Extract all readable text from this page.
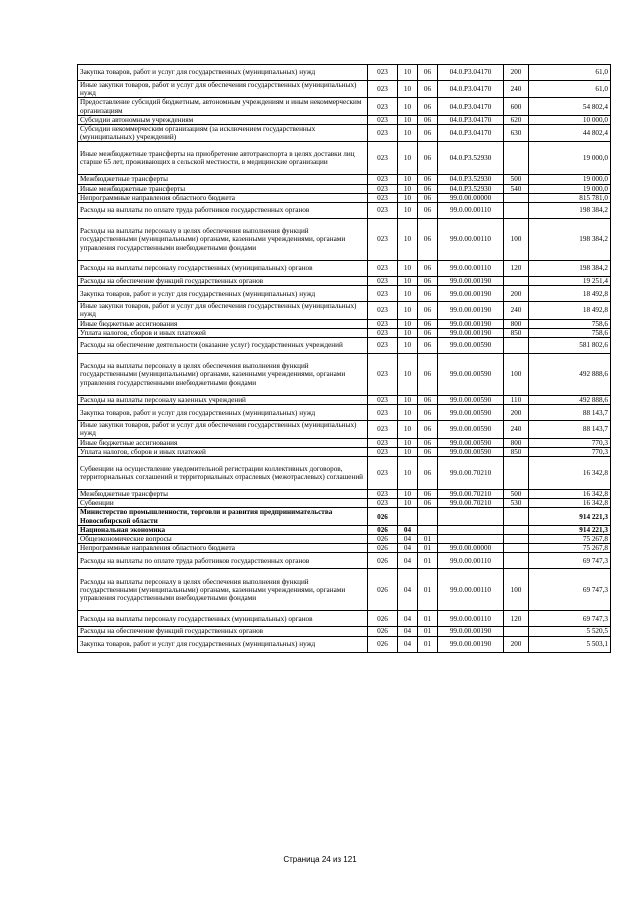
Закупка товаров, работ и услуг для государственных (муниципальных) нужд	023	10	06	04.0.P3.04170	200	61,0
Иные закупки товаров, работ и услуг для обеспечения государственных (муниципальных) нужд	023	10	06	04.0.P3.04170	240	61,0
Предоставление субсидий бюджетным, автономным учреждениям и иным некоммерческим организациям	023	10	06	04.0.P3.04170	600	54 802,4
Субсидии автономным учреждениям	023	10	06	04.0.P3.04170	620	10 000,0
Субсидии некоммерческим организациям (за исключением государственных (муниципальных) учреждений)	023	10	06	04.0.P3.04170	630	44 802,4
Иные межбюджетные трансферты на приобретение автотранспорта в целях доставки лиц старше 65 лет, проживающих в сельской местности, в медицинские организации	023	10	06	04.0.P3.52930		19 000,0
Межбюджетные трансферты	023	10	06	04.0.P3.52930	500	19 000,0
Иные межбюджетные трансферты	023	10	06	04.0.P3.52930	540	19 000,0
Непрограммные направления областного бюджета	023	10	06	99.0.00.00000		815 781,0
Расходы на выплаты по оплате труда работников государственных органов	023	10	06	99.0.00.00110		198 384,2
Расходы на выплаты персоналу в целях обеспечения выполнения функций государственными (муниципальными) органами, казенными учреждениями, органами управления государственными внебюджетными фондами	023	10	06	99.0.00.00110	100	198 384,2
Расходы на выплаты персоналу государственных (муниципальных) органов	023	10	06	99.0.00.00110	120	198 384,2
Расходы на обеспечение функций государственных органов	023	10	06	99.0.00.00190		19 251,4
Закупка товаров, работ и услуг для государственных (муниципальных) нужд	023	10	06	99.0.00.00190	200	18 492,8
Иные закупки товаров, работ и услуг для обеспечения государственных (муниципальных) нужд	023	10	06	99.0.00.00190	240	18 492,8
Иные бюджетные ассигнования	023	10	06	99.0.00.00190	800	758,6
Уплата налогов, сборов и иных платежей	023	10	06	99.0.00.00190	850	758,6
Расходы на обеспечение деятельности (оказание услуг) государственных учреждений	023	10	06	99.0.00.00590		581 802,6
Расходы на выплаты персоналу в целях обеспечения выполнения функций государственными (муниципальными) органами, казенными учреждениями, органами управления государственными внебюджетными фондами	023	10	06	99.0.00.00590	100	492 888,6
Расходы на выплаты персоналу казенных учреждений	023	10	06	99.0.00.00590	110	492 888,6
Закупка товаров, работ и услуг для государственных (муниципальных) нужд	023	10	06	99.0.00.00590	200	88 143,7
Иные закупки товаров, работ и услуг для обеспечения государственных (муниципальных) нужд	023	10	06	99.0.00.00590	240	88 143,7
Иные бюджетные ассигнования	023	10	06	99.0.00.00590	800	770,3
Уплата налогов, сборов и иных платежей	023	10	06	99.0.00.00590	850	770,3
Субвенции на осуществление уведомительной регистрации коллективных договоров, территориальных соглашений и территориальных отраслевых (межотраслевых) соглашений	023	10	06	99.0.00.70210		16 342,8
Межбюджетные трансферты	023	10	06	99.0.00.70210	500	16 342,8
Субвенции	023	10	06	99.0.00.70210	530	16 342,8
Министерство промышленности, торговли и развития предпринимательства Новосибирской области	026					914 221,3
Национальная экономика	026	04				914 221,3
Общеэкономические вопросы	026	04	01			75 267,8
Непрограммные направления областного бюджета	026	04	01	99.0.00.00000		75 267,8
Расходы на выплаты по оплате труда работников государственных органов	026	04	01	99.0.00.00110		69 747,3
Расходы на выплаты персоналу в целях обеспечения выполнения функций государственными (муниципальными) органами, казенными учреждениями, органами управления государственными внебюджетными фондами	026	04	01	99.0.00.00110	100	69 747,3
Расходы на выплаты персоналу государственных (муниципальных) органов	026	04	01	99.0.00.00110	120	69 747,3
Расходы на обеспечение функций государственных органов	026	04	01	99.0.00.00190		5 520,5
Закупка товаров, работ и услуг для государственных (муниципальных) нужд	026	04	01	99.0.00.00190	200	5 503,1
Страница 24 из 121
